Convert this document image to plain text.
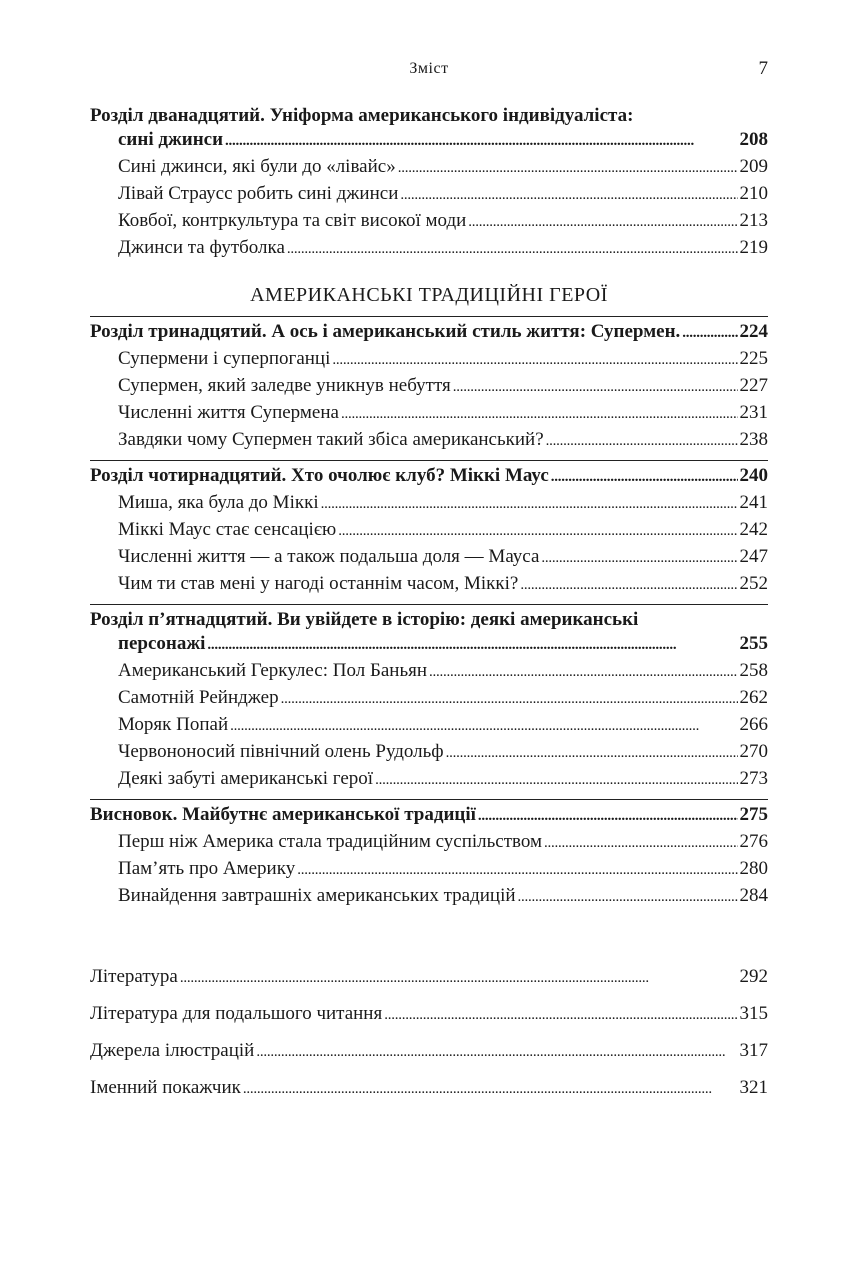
Зміст	7
Розділ дванадцятий. Уніформа американського індивідуаліста:
сині джинси . . .	208
Сині джинси, які були до «лівайс» . . .	209
Лівай Страусс робить сині джинси . . .	210
Ковбої, контркультура та світ високої моди . . .	213
Джинси та футболка . . .	219
АМЕРИКАНСЬКІ ТРАДИЦІЙНІ ГЕРОЇ
Розділ тринадцятий. А ось і американський стиль життя: Супермен. . . .	224
Супермени і суперпоганці . . .	225
Супермен, який заледве уникнув небуття . . .	227
Численні життя Супермена . . .	231
Завдяки чому Супермен такий збіса американський? . . .	238
Розділ чотирнадцятий. Хто очолює клуб? Міккі Маус . . .	240
Миша, яка була до Міккі . . .	241
Міккі Маус стає сенсацією . . .	242
Численні життя — а також подальша доля — Мауса . . .	247
Чим ти став мені у нагоді останнім часом, Міккі? . . .	252
Розділ п’ятнадцятий. Ви увійдете в історію: деякі американські
персонажі . . .	255
Американський Геркулес: Пол Баньян . . .	258
Самотній Рейнджер . . .	262
Моряк Попай . . .	266
Червононосий північний олень Рудольф . . .	270
Деякі забуті американські герої . . .	273
Висновок. Майбутнє американської традиції . . .	275
Перш ніж Америка стала традиційним суспільством . . .	276
Пам’ять про Америку . . .	280
Винайдення завтрашніх американських традицій . . .	284
Література . . .	292
Література для подальшого читання . . .	315
Джерела ілюстрацій . . .	317
Іменний покажчик . . .	321
